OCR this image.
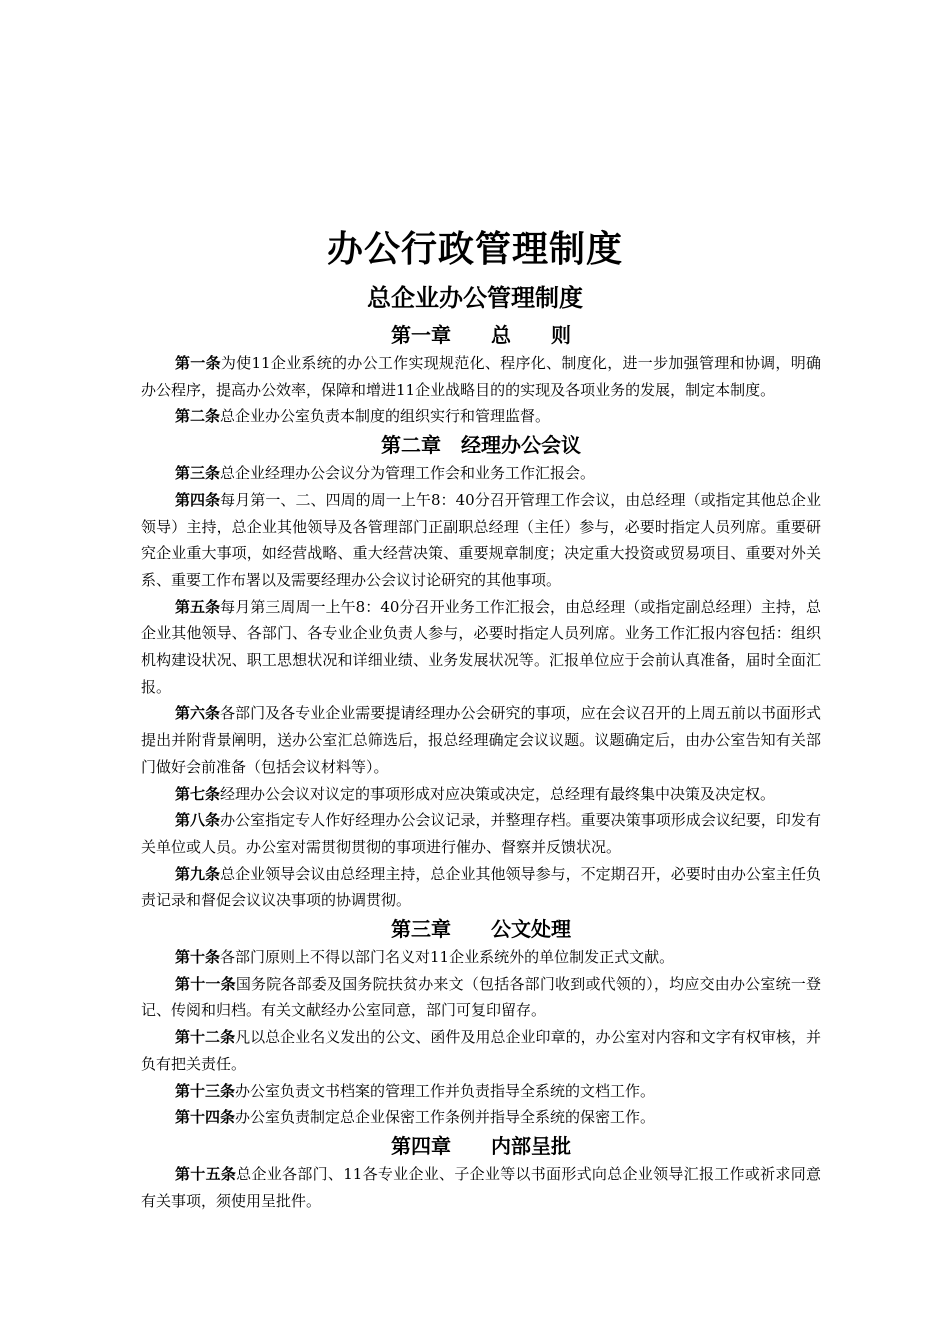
办公行政管理制度
总企业办公管理制度
第一章　　总　　则

第一条为使11企业系统的办公工作实现规范化、程序化、制度化，进一步加强管理和协调，明确办公程序，提高办公效率，保障和增进11企业战略目的的实现及各项业务的发展，制定本制度。

第二条总企业办公室负责本制度的组织实行和管理监督。

第二章　经理办公会议

第三条总企业经理办公会议分为管理工作会和业务工作汇报会。

第四条每月第一、二、四周的周一上午8：40分召开管理工作会议，由总经理（或指定其他总企业领导）主持，总企业其他领导及各管理部门正副职总经理（主任）参与，必要时指定人员列席。重要研究企业重大事项，如经营战略、重大经营决策、重要规章制度；决定重大投资或贸易项目、重要对外关系、重要工作布署以及需要经理办公会议讨论研究的其他事项。

第五条每月第三周周一上午8：40分召开业务工作汇报会，由总经理（或指定副总经理）主持，总企业其他领导、各部门、各专业企业负责人参与，必要时指定人员列席。业务工作汇报内容包括：组织机构建设状况、职工思想状况和详细业绩、业务发展状况等。汇报单位应于会前认真准备，届时全面汇报。

第六条各部门及各专业企业需要提请经理办公会研究的事项，应在会议召开的上周五前以书面形式提出并附背景阐明，送办公室汇总筛选后，报总经理确定会议议题。议题确定后，由办公室告知有关部门做好会前准备（包括会议材料等）。

第七条经理办公会议对议定的事项形成对应决策或决定，总经理有最终集中决策及决定权。

第八条办公室指定专人作好经理办公会议记录，并整理存档。重要决策事项形成会议纪要，印发有关单位或人员。办公室对需贯彻贯彻的事项进行催办、督察并反馈状况。

第九条总企业领导会议由总经理主持，总企业其他领导参与，不定期召开，必要时由办公室主任负责记录和督促会议议决事项的协调贯彻。

第三章　　公文处理

第十条各部门原则上不得以部门名义对11企业系统外的单位制发正式文献。

第十一条国务院各部委及国务院扶贫办来文（包括各部门收到或代领的），均应交由办公室统一登记、传阅和归档。有关文献经办公室同意，部门可复印留存。

第十二条凡以总企业名义发出的公文、函件及用总企业印章的，办公室对内容和文字有权审核，并负有把关责任。

第十三条办公室负责文书档案的管理工作并负责指导全系统的文档工作。

第十四条办公室负责制定总企业保密工作条例并指导全系统的保密工作。

第四章　　内部呈批

第十五条总企业各部门、11各专业企业、子企业等以书面形式向总企业领导汇报工作或祈求同意有关事项，须使用呈批件。
